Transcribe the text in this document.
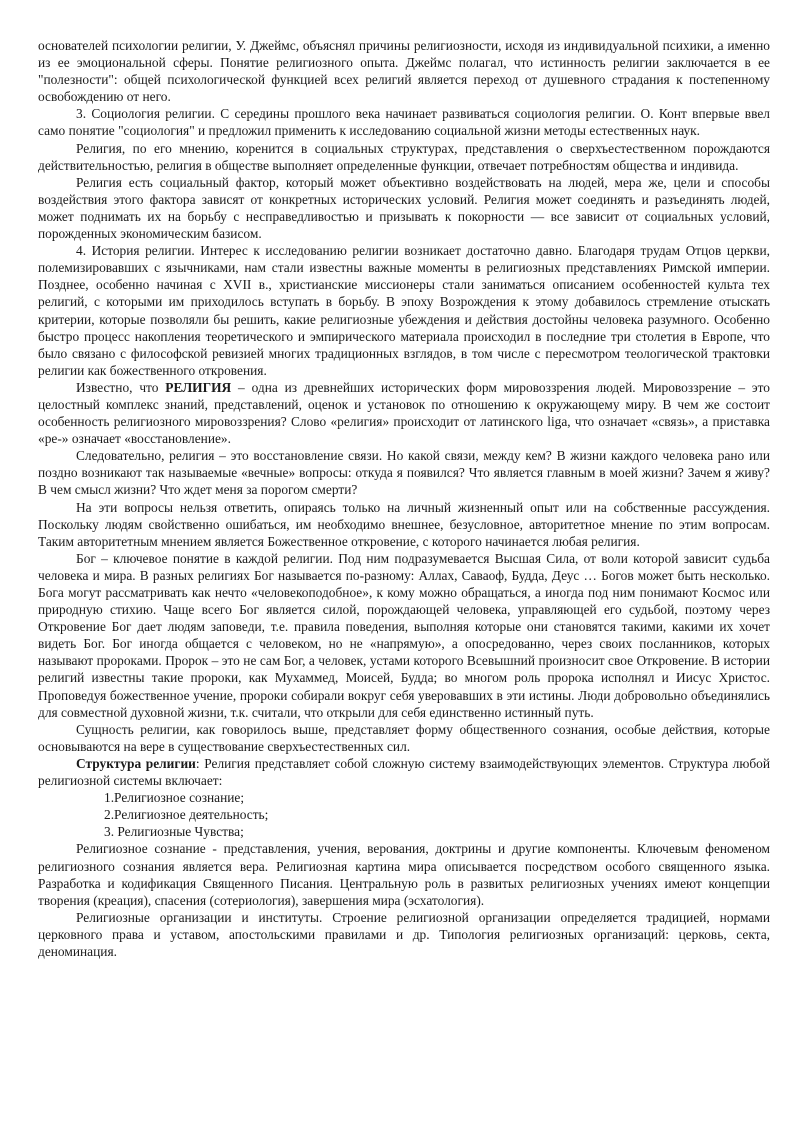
основателей психологии религии, У. Джеймс, объяснял причины религиозности, исходя из индивидуальной психики, а именно из ее эмоциональной сферы. Понятие религиозного опыта. Джеймс полагал, что истинность религии заключается в ее "полезности": общей психологической функцией всех религий является переход от душевного страдания к постепенному освобождению от него.

3. Социология религии. С середины прошлого века начинает развиваться социология религии. О. Конт впервые ввел само понятие "социология" и предложил применить к исследованию социальной жизни методы естественных наук.

Религия, по его мнению, коренится в социальных структурах, представления о сверхъестественном порождаются действительностью, религия в обществе выполняет определенные функции, отвечает потребностям общества и индивида.

Религия есть социальный фактор, который может объективно воздействовать на людей, мера же, цели и способы воздействия этого фактора зависят от конкретных исторических условий. Религия может соединять и разъединять людей, может поднимать их на борьбу с несправедливостью и призывать к покорности — все зависит от социальных условий, порожденных экономическим базисом.

4. История религии. Интерес к исследованию религии возникает достаточно давно. Благодаря трудам Отцов церкви, полемизировавших с язычниками, нам стали известны важные моменты в религиозных представлениях Римской империи. Позднее, особенно начиная с XVII в., христианские миссионеры стали заниматься описанием особенностей культа тех религий, с которыми им приходилось вступать в борьбу. В эпоху Возрождения к этому добавилось стремление отыскать критерии, которые позволяли бы решить, какие религиозные убеждения и действия достойны человека разумного. Особенно быстро процесс накопления теоретического и эмпирического материала происходил в последние три столетия в Европе, что было связано с философской ревизией многих традиционных взглядов, в том числе с пересмотром теологической трактовки религии как божественного откровения.

Известно, что РЕЛИГИЯ – одна из древнейших исторических форм мировоззрения людей. Мировоззрение – это целостный комплекс знаний, представлений, оценок и установок по отношению к окружающему миру. В чем же состоит особенность религиозного мировоззрения? Слово «религия» происходит от латинского liga, что означает «связь», а приставка «ре-» означает «восстановление».

Следовательно, религия – это восстановление связи. Но какой связи, между кем? В жизни каждого человека рано или поздно возникают так называемые «вечные» вопросы: откуда я появился? Что является главным в моей жизни? Зачем я живу? В чем смысл жизни? Что ждет меня за порогом смерти?

На эти вопросы нельзя ответить, опираясь только на личный жизненный опыт или на собственные рассуждения. Поскольку людям свойственно ошибаться, им необходимо внешнее, безусловное, авторитетное мнение по этим вопросам. Таким авторитетным мнением является Божественное откровение, с которого начинается любая религия.

Бог – ключевое понятие в каждой религии. Под ним подразумевается Высшая Сила, от воли которой зависит судьба человека и мира. В разных религиях Бог называется по-разному: Аллах, Саваоф, Будда, Деус … Богов может быть несколько. Бога могут рассматривать как нечто «человекоподобное», к кому можно обращаться, а иногда под ним понимают Космос или природную стихию. Чаще всего Бог является силой, порождающей человека, управляющей его судьбой, поэтому через Откровение Бог дает людям заповеди, т.е. правила поведения, выполняя которые они становятся такими, какими их хочет видеть Бог. Бог иногда общается с человеком, но не «напрямую», а опосредованно, через своих посланников, которых называют пророками. Пророк – это не сам Бог, а человек, устами которого Всевышний произносит свое Откровение. В истории религий известны такие пророки, как Мухаммед, Моисей, Будда; во многом роль пророка исполнял и Иисус Христос. Проповедуя божественное учение, пророки собирали вокруг себя уверовавших в эти истины. Люди добровольно объединялись для совместной духовной жизни, т.к. считали, что открыли для себя единственно истинный путь.

Сущность религии, как говорилось выше, представляет форму общественного сознания, особые действия, которые основываются на вере в существование сверхъестественных сил.

Структура религии: Религия представляет собой сложную систему взаимодействующих элементов. Структура любой религиозной системы включает:

1.Религиозное сознание;
2.Религиозное деятельность;
3. Религиозные Чувства;

Религиозное сознание - представления, учения, верования, доктрины и другие компоненты. Ключевым феноменом религиозного сознания является вера. Религиозная картина мира описывается посредством особого священного языка. Разработка и кодификация Священного Писания. Центральную роль в развитых религиозных учениях имеют концепции творения (креация), спасения (сотериология), завершения мира (эсхатология).

Религиозные организации и институты. Строение религиозной организации определяется традицией, нормами церковного права и уставом, апостольскими правилами и др. Типология религиозных организаций: церковь, секта, деноминация.
